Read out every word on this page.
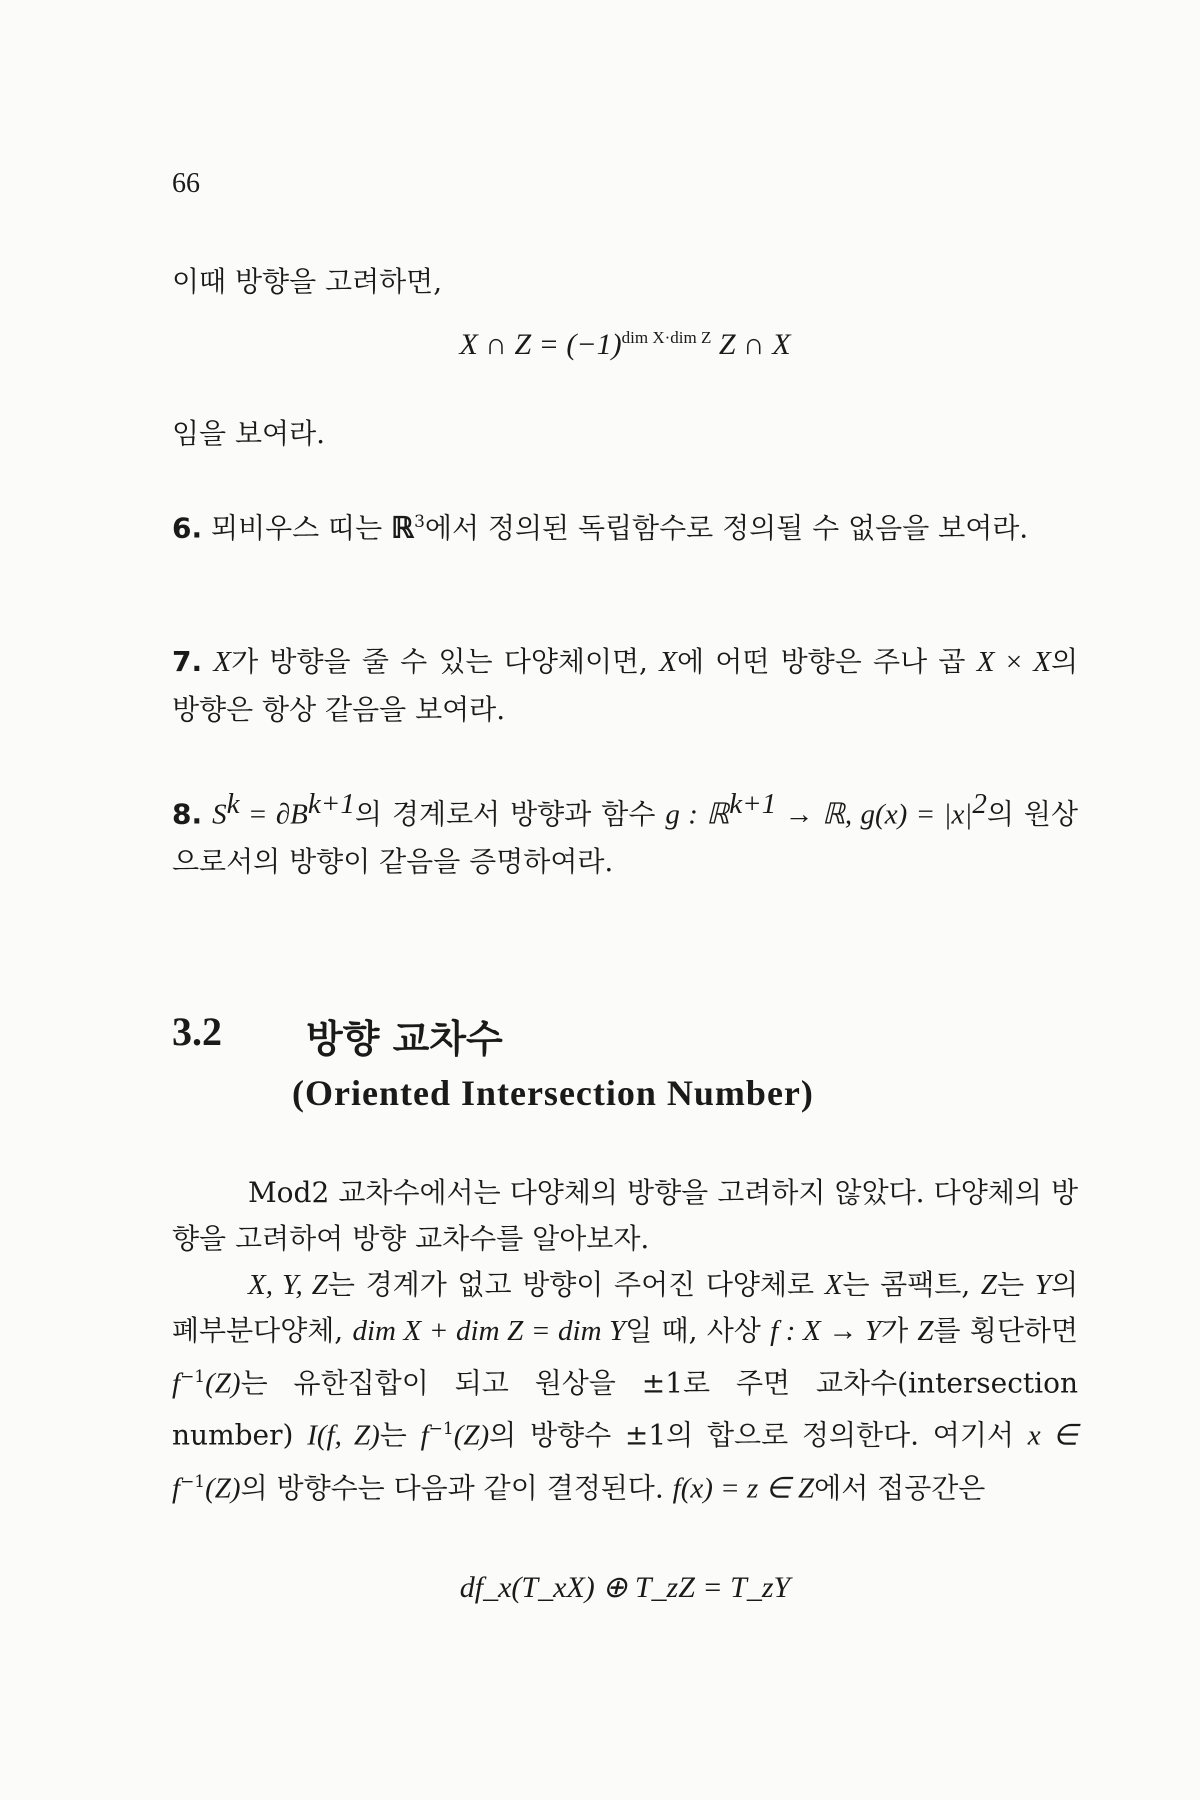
66
이때 방향을 고려하면,
X ∩ $Z = (-1)^{dim X\cdot dim Z}$ Z ∩ X
임을 보여라.
6. 뫼비우스 띠는 ℝ$^3$에서 정의된 독립함수로 정의될 수 없음을 보여라.
7. X가 방향을 줄 수 있는 다양체이면, X에 어떤 방향은 주나 곱 X × X의 방향은 항상 같음을 보여라.
8. $S^k = \partial B^{k+1}$의 경계로서 방향과 함수 g : ℝ$^{k+1}$ → ℝ, $g(x) = |x|^2$의 원상으로서의 방향이 같음을 증명하여라.
3.2 방향 교차수
(Oriented Intersection Number)
Mod2 교차수에서는 다양체의 방향을 고려하지 않았다. 다양체의 방향을 고려하여 방향 교차수를 알아보자.
X, Y, Z는 경계가 없고 방향이 주어진 다양체로 X는 콤팩트, Z는 Y의 폐부분다양체, dim X + dim Z = dim Y일 때, 사상 f : X → Y가 Z를 횡단하면 $f^{-1}(Z)$는 유한집합이 되고 원상을 ±1로 주면 교차수(intersection number) I(f, Z)는 $f^{-1}(Z)$의 방향수 ±1의 합으로 정의한다. 여기서 x ∈ $f^{-1}(Z)$의 방향수는 다음과 같이 결정된다. f(x) = z ∈ Z에서 접공간은
df_x(T_xX) ⊕ T_zZ = T_zY
